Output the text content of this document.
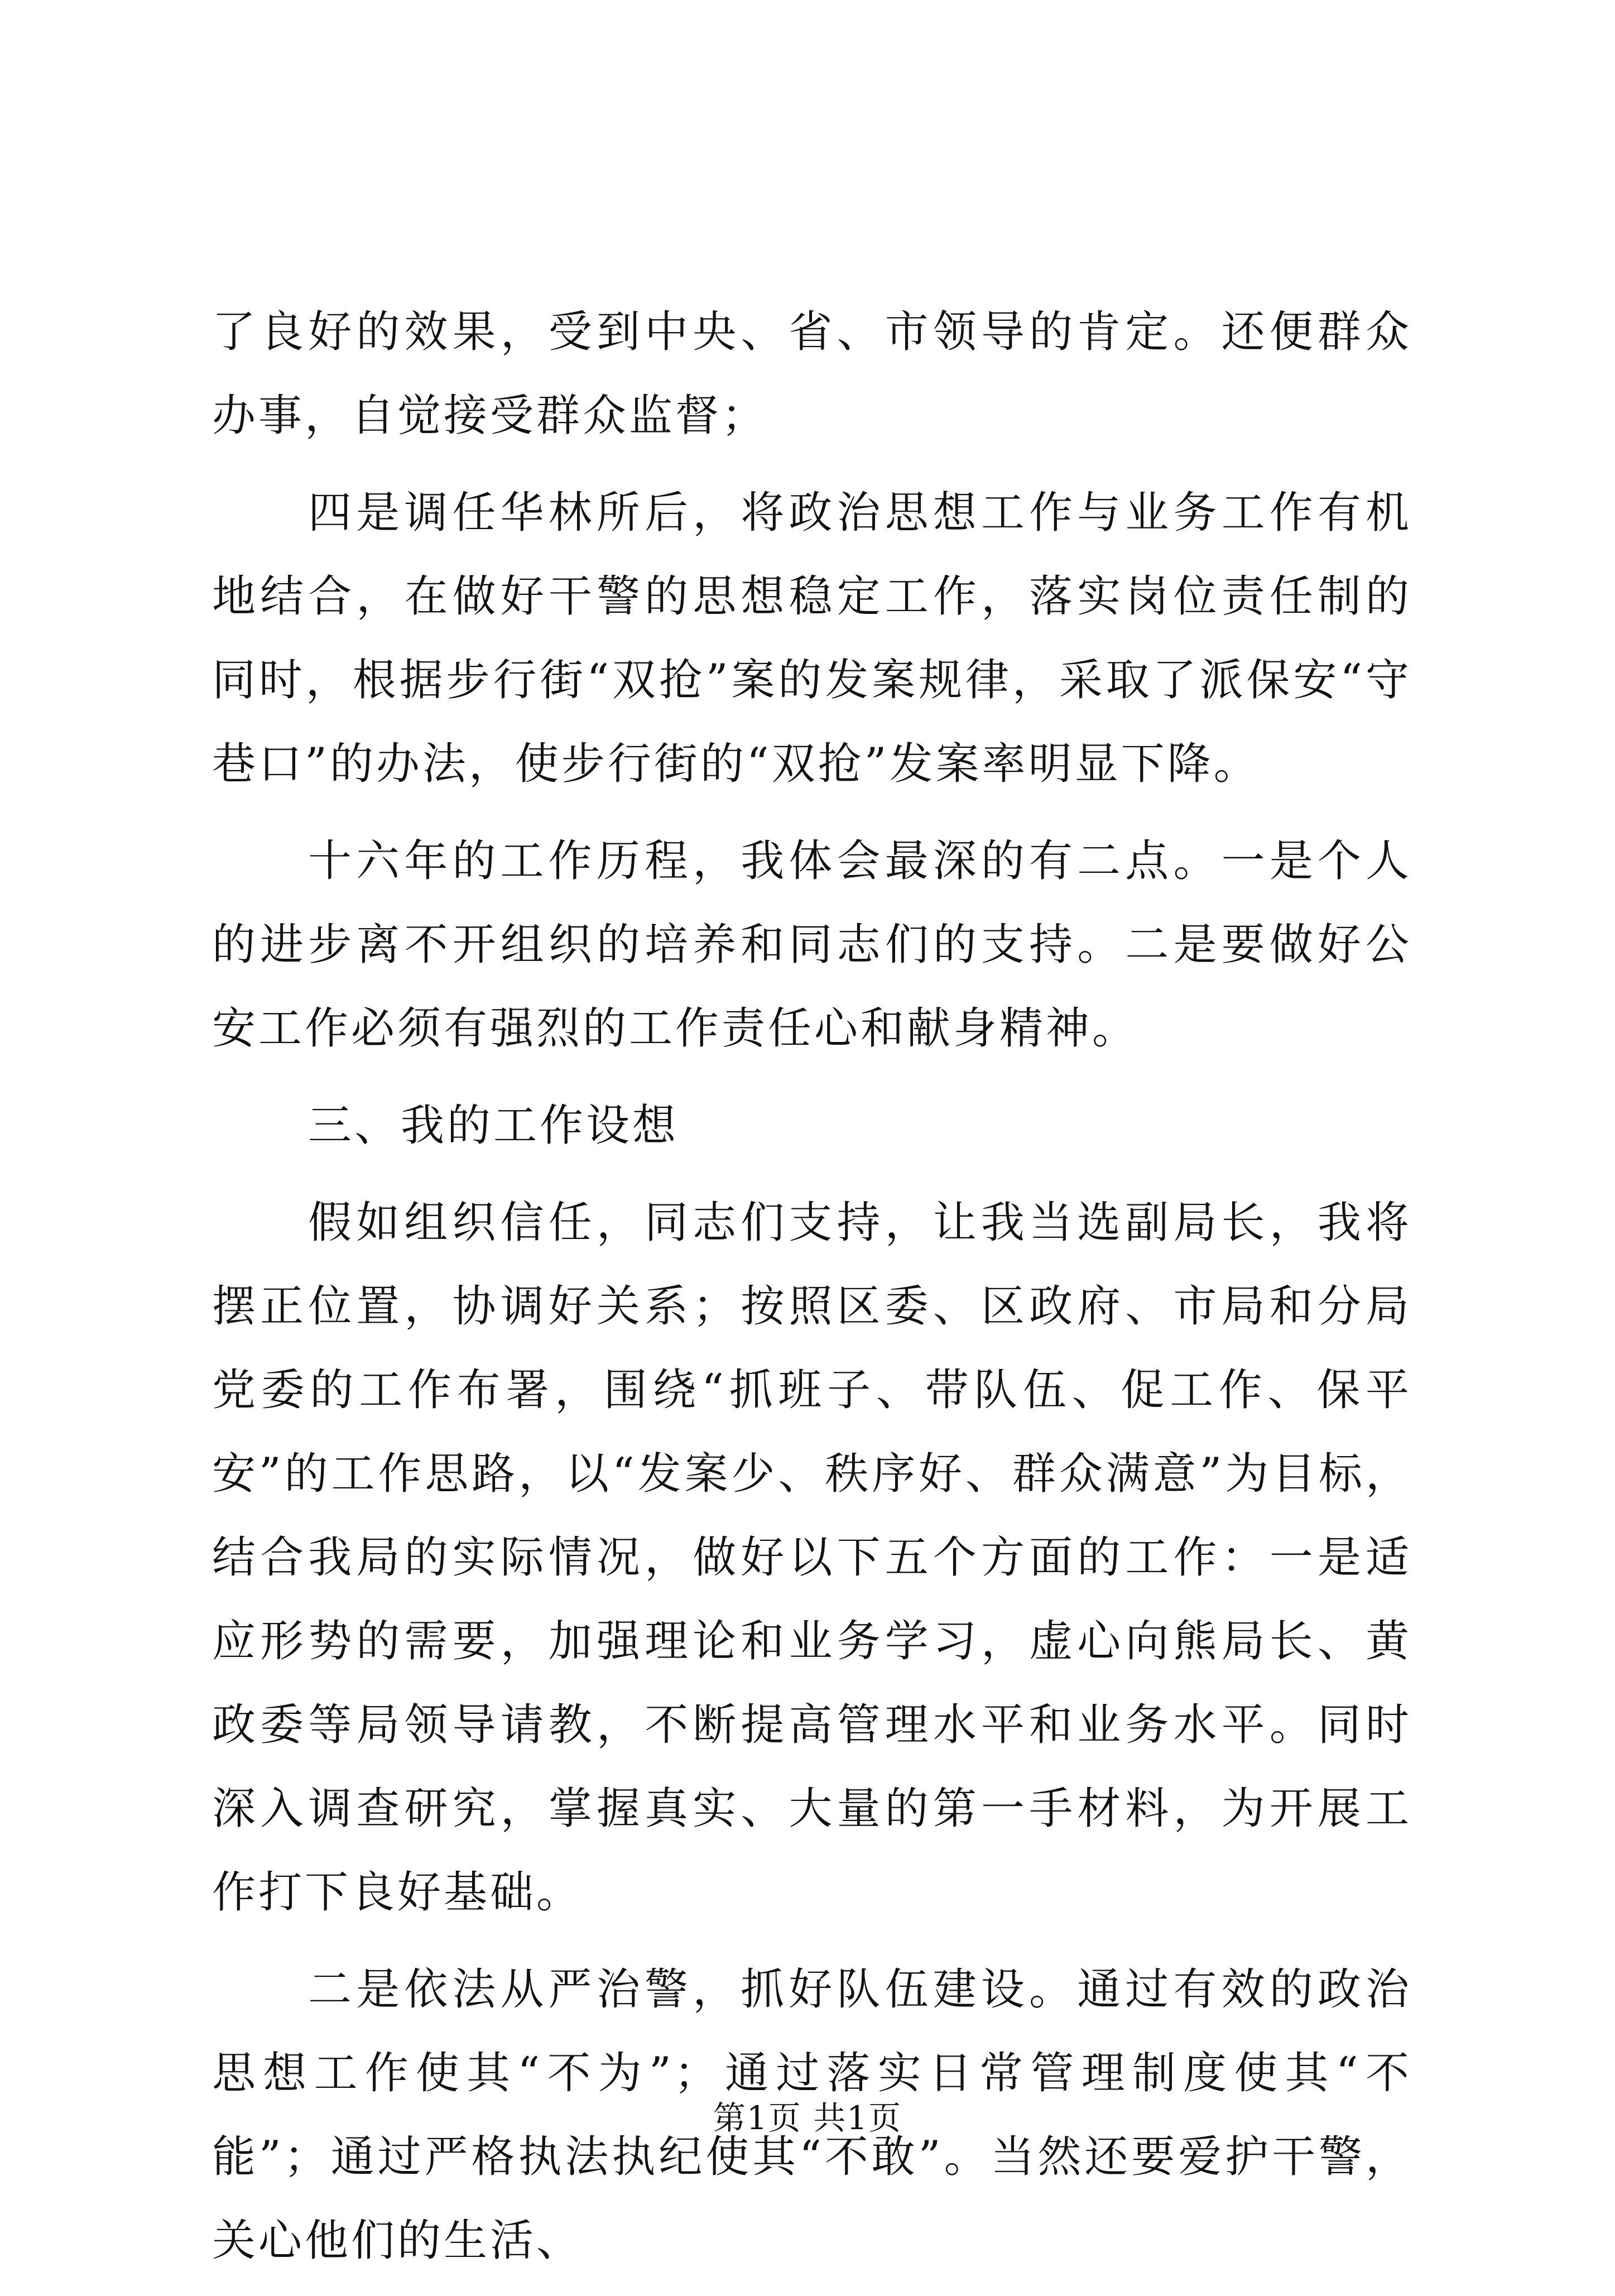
了良好的效果，受到中央、省、市领导的肯定。还便群众办事，自觉接受群众监督；

四是调任华林所后，将政治思想工作与业务工作有机地结合，在做好干警的思想稳定工作，落实岗位责任制的同时，根据步行街“双抢”案的发案规律，采取了派保安“守巷口”的办法，使步行街的“双抢”发案率明显下降。

十六年的工作历程，我体会最深的有二点。一是个人的进步离不开组织的培养和同志们的支持。二是要做好公安工作必须有强烈的工作责任心和献身精神。

三、我的工作设想

假如组织信任，同志们支持，让我当选副局长，我将摆正位置，协调好关系；按照区委、区政府、市局和分局党委的工作布署，围绕“抓班子、带队伍、促工作、保平安”的工作思路，以“发案少、秩序好、群众满意”为目标，结合我局的实际情况，做好以下五个方面的工作：一是适应形势的需要，加强理论和业务学习，虚心向熊局长、黄政委等局领导请教，不断提高管理水平和业务水平。同时深入调查研究，掌握真实、大量的第一手材料，为开展工作打下良好基础。

二是依法从严治警，抓好队伍建设。通过有效的政治思想工作使其“不为”；通过落实日常管理制度使其“不能”；通过严格执法执纪使其“不敢”。当然还要爱护干警，关心他们的生活、

第1页 共1页
